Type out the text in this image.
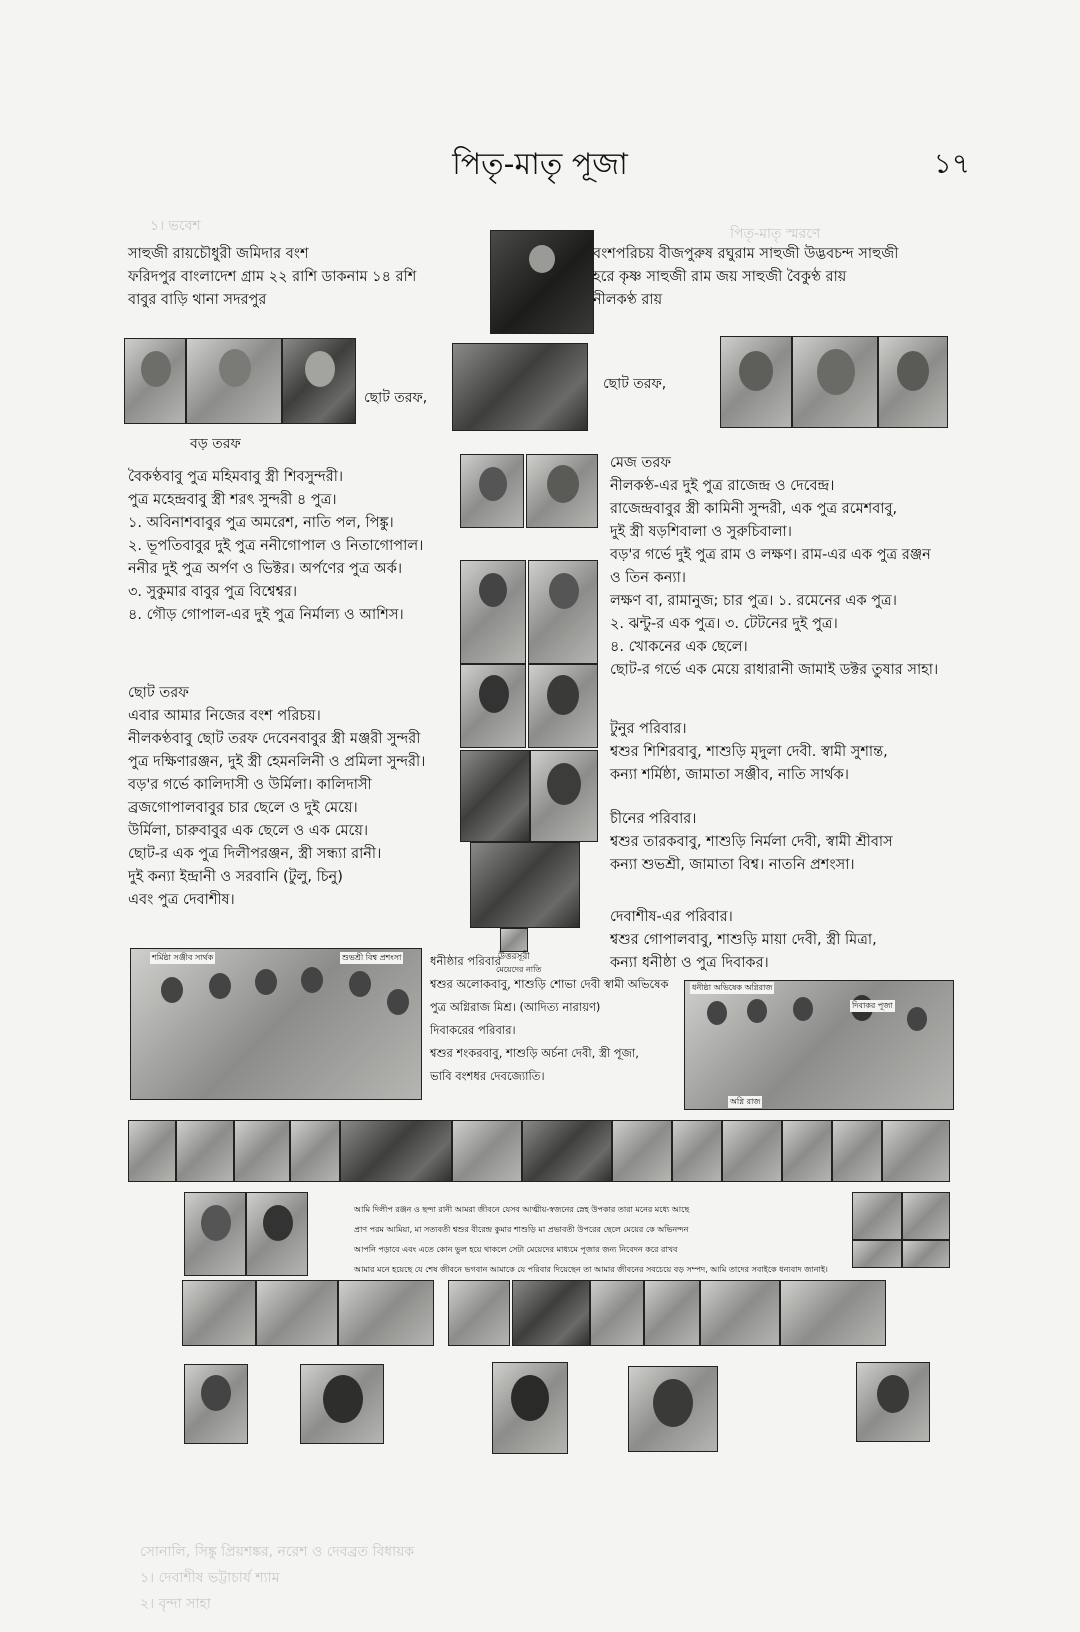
পিতৃ-মাতৃ স্মরণে
১। ভবেশ
সোনালি, সিঙ্কু প্রিয়শঙ্কর, নরেশ ও দেবব্রত বিধায়ক
১। দেবাশীষ ভট্টাচার্য শ্যাম
২। বৃন্দা সাহা
পিতৃ-মাতৃ পূজা	১৭
সাহুজী রায়চৌধুরী জমিদার বংশ
ফরিদপুর বাংলাদেশ গ্রাম ২২ রাশি ডাকনাম ১৪ রশি
বাবুর বাড়ি থানা সদরপুর
বংশপরিচয় বীজপুরুষ রঘুরাম সাহুজী উদ্ভবচন্দ সাহুজী
হরে কৃষ্ণ সাহুজী রাম জয় সাহুজী বৈকুণ্ঠ রায়
নীলকণ্ঠ রায়
ছোট তরফ,
বড় তরফ
ছোট তরফ,
বৈকণ্ঠবাবু পুত্র মহিমবাবু স্ত্রী শিবসুন্দরী।
পুত্র মহেন্দ্রবাবু স্ত্রী শরৎ সুন্দরী ৪ পুত্র।
১. অবিনাশবাবুর পুত্র অমরেশ, নাতি পল, পিঙ্কু।
২. ভূপতিবাবুর দুই পুত্র ননীগোপাল ও নিতাগোপাল।
ননীর দুই পুত্র অর্পণ ও ভিক্টর। অর্পণের পুত্র অর্ক।
৩. সুকুমার বাবুর পুত্র বিশ্বেশ্বর।
৪. গৌড় গোপাল-এর দুই পুত্র নির্মাল্য ও আশিস।
উত্তরসূরী
মেয়েদের নাতি
মেজ তরফ
নীলকণ্ঠ-এর দুই পুত্র রাজেন্দ্র ও দেবেন্দ্র।
রাজেন্দ্রবাবুর স্ত্রী কামিনী সুন্দরী, এক পুত্র রমেশবাবু,
দুই স্ত্রী ষড়শিবালা ও সুরুচিবালা।
বড়'র গর্ভে দুই পুত্র রাম ও লক্ষণ। রাম-এর এক পুত্র রঞ্জন
ও তিন কন্যা।
লক্ষণ বা, রামানুজ; চার পুত্র। ১. রমেনের এক পুত্র।
২. ঝন্টু-র এক পুত্র। ৩. টেটনের দুই পুত্র।
৪. খোকনের এক ছেলে।
ছোট-র গর্ভে এক মেয়ে রাধারানী জামাই ডক্টর তুষার সাহা।
ছোট তরফ
এবার আমার নিজের বংশ পরিচয়।
নীলকণ্ঠবাবু ছোট তরফ দেবেনবাবুর স্ত্রী মঞ্জরী সুন্দরী
পুত্র দক্ষিণারঞ্জন, দুই স্ত্রী হেমনলিনী ও প্রমিলা সুন্দরী।
বড়'র গর্ভে কালিদাসী ও উর্মিলা। কালিদাসী
ব্রজগোপালবাবুর চার ছেলে ও দুই মেয়ে।
উর্মিলা, চারুবাবুর এক ছেলে ও এক মেয়ে।
ছোট-র এক পুত্র দিলীপরঞ্জন, স্ত্রী সন্ধ্যা রানী।
দুই কন্যা ইন্দ্রানী ও সরবানি (টুলু, চিনু)
এবং পুত্র দেবাশীষ।
টুনুর পরিবার।
শ্বশুর শিশিরবাবু, শাশুড়ি মৃদুলা দেবী. স্বামী সুশান্ত,
কন্যা শর্মিষ্ঠা, জামাতা সঞ্জীব, নাতি সার্থক।
চীনের পরিবার।
শ্বশুর তারকবাবু, শাশুড়ি নির্মলা দেবী, স্বামী শ্রীবাস
কন্যা শুভশ্রী, জামাতা বিশ্ব। নাতনি প্রশংসা।
দেবাশীষ-এর পরিবার।
শ্বশুর গোপালবাবু, শাশুড়ি মায়া দেবী, স্ত্রী মিত্রা,
কন্যা ধনীষ্ঠা ও পুত্র দিবাকর।
শর্মিষ্ঠা সঞ্জীব সার্থক	শুভশ্রী বিশ্ব প্রশংসা ধনীষ্ঠার পরিবার
শ্বশুর অলোকবাবু, শাশুড়ি শোভা দেবী স্বামী অভিষেক
পুত্র অগ্নিরাজ মিশ্র। (আদিত্য নারায়ণ)
দিবাকরের পরিবার।
শ্বশুর শংকরবাবু, শাশুড়ি অর্চনা দেবী, স্ত্রী পূজা,
ভাবি বংশধর দেবজ্যোতি।
ধনীষ্ঠা অভিষেক অগ্নিরাজ
দিবাকর পূজা
অগ্নি রাজ
আমি দিলীপ রঞ্জন ও ছন্দা রানী আমরা জীবনে যেসব আত্মীয়-স্বজনের স্নেহ উপকার তারা মনের মধ্যে আছে
প্রাণ পরম আমিয়া, মা সত্যবতী শ্বশুর বীরেন্দ্র কুমার শাশুড়ি মা প্রভাবতী উপরের ছেলে মেয়ের কে অভিনন্দন
আপনি পড়াবে এবং এতে কোন ভুল হয়ে থাকলে সেটা মেয়েদের মাধ্যমে পূজার জন্য নিবেদন করে রাখব
আমার মনে হয়েছে যে শেষ জীবনে ভগবান আমাকে যে পরিবার দিয়েছেন তা আমার জীবনের সবচেয়ে বড় সম্পদ, আমি তাদের সবাইকে ধন্যবাদ জানাই।
